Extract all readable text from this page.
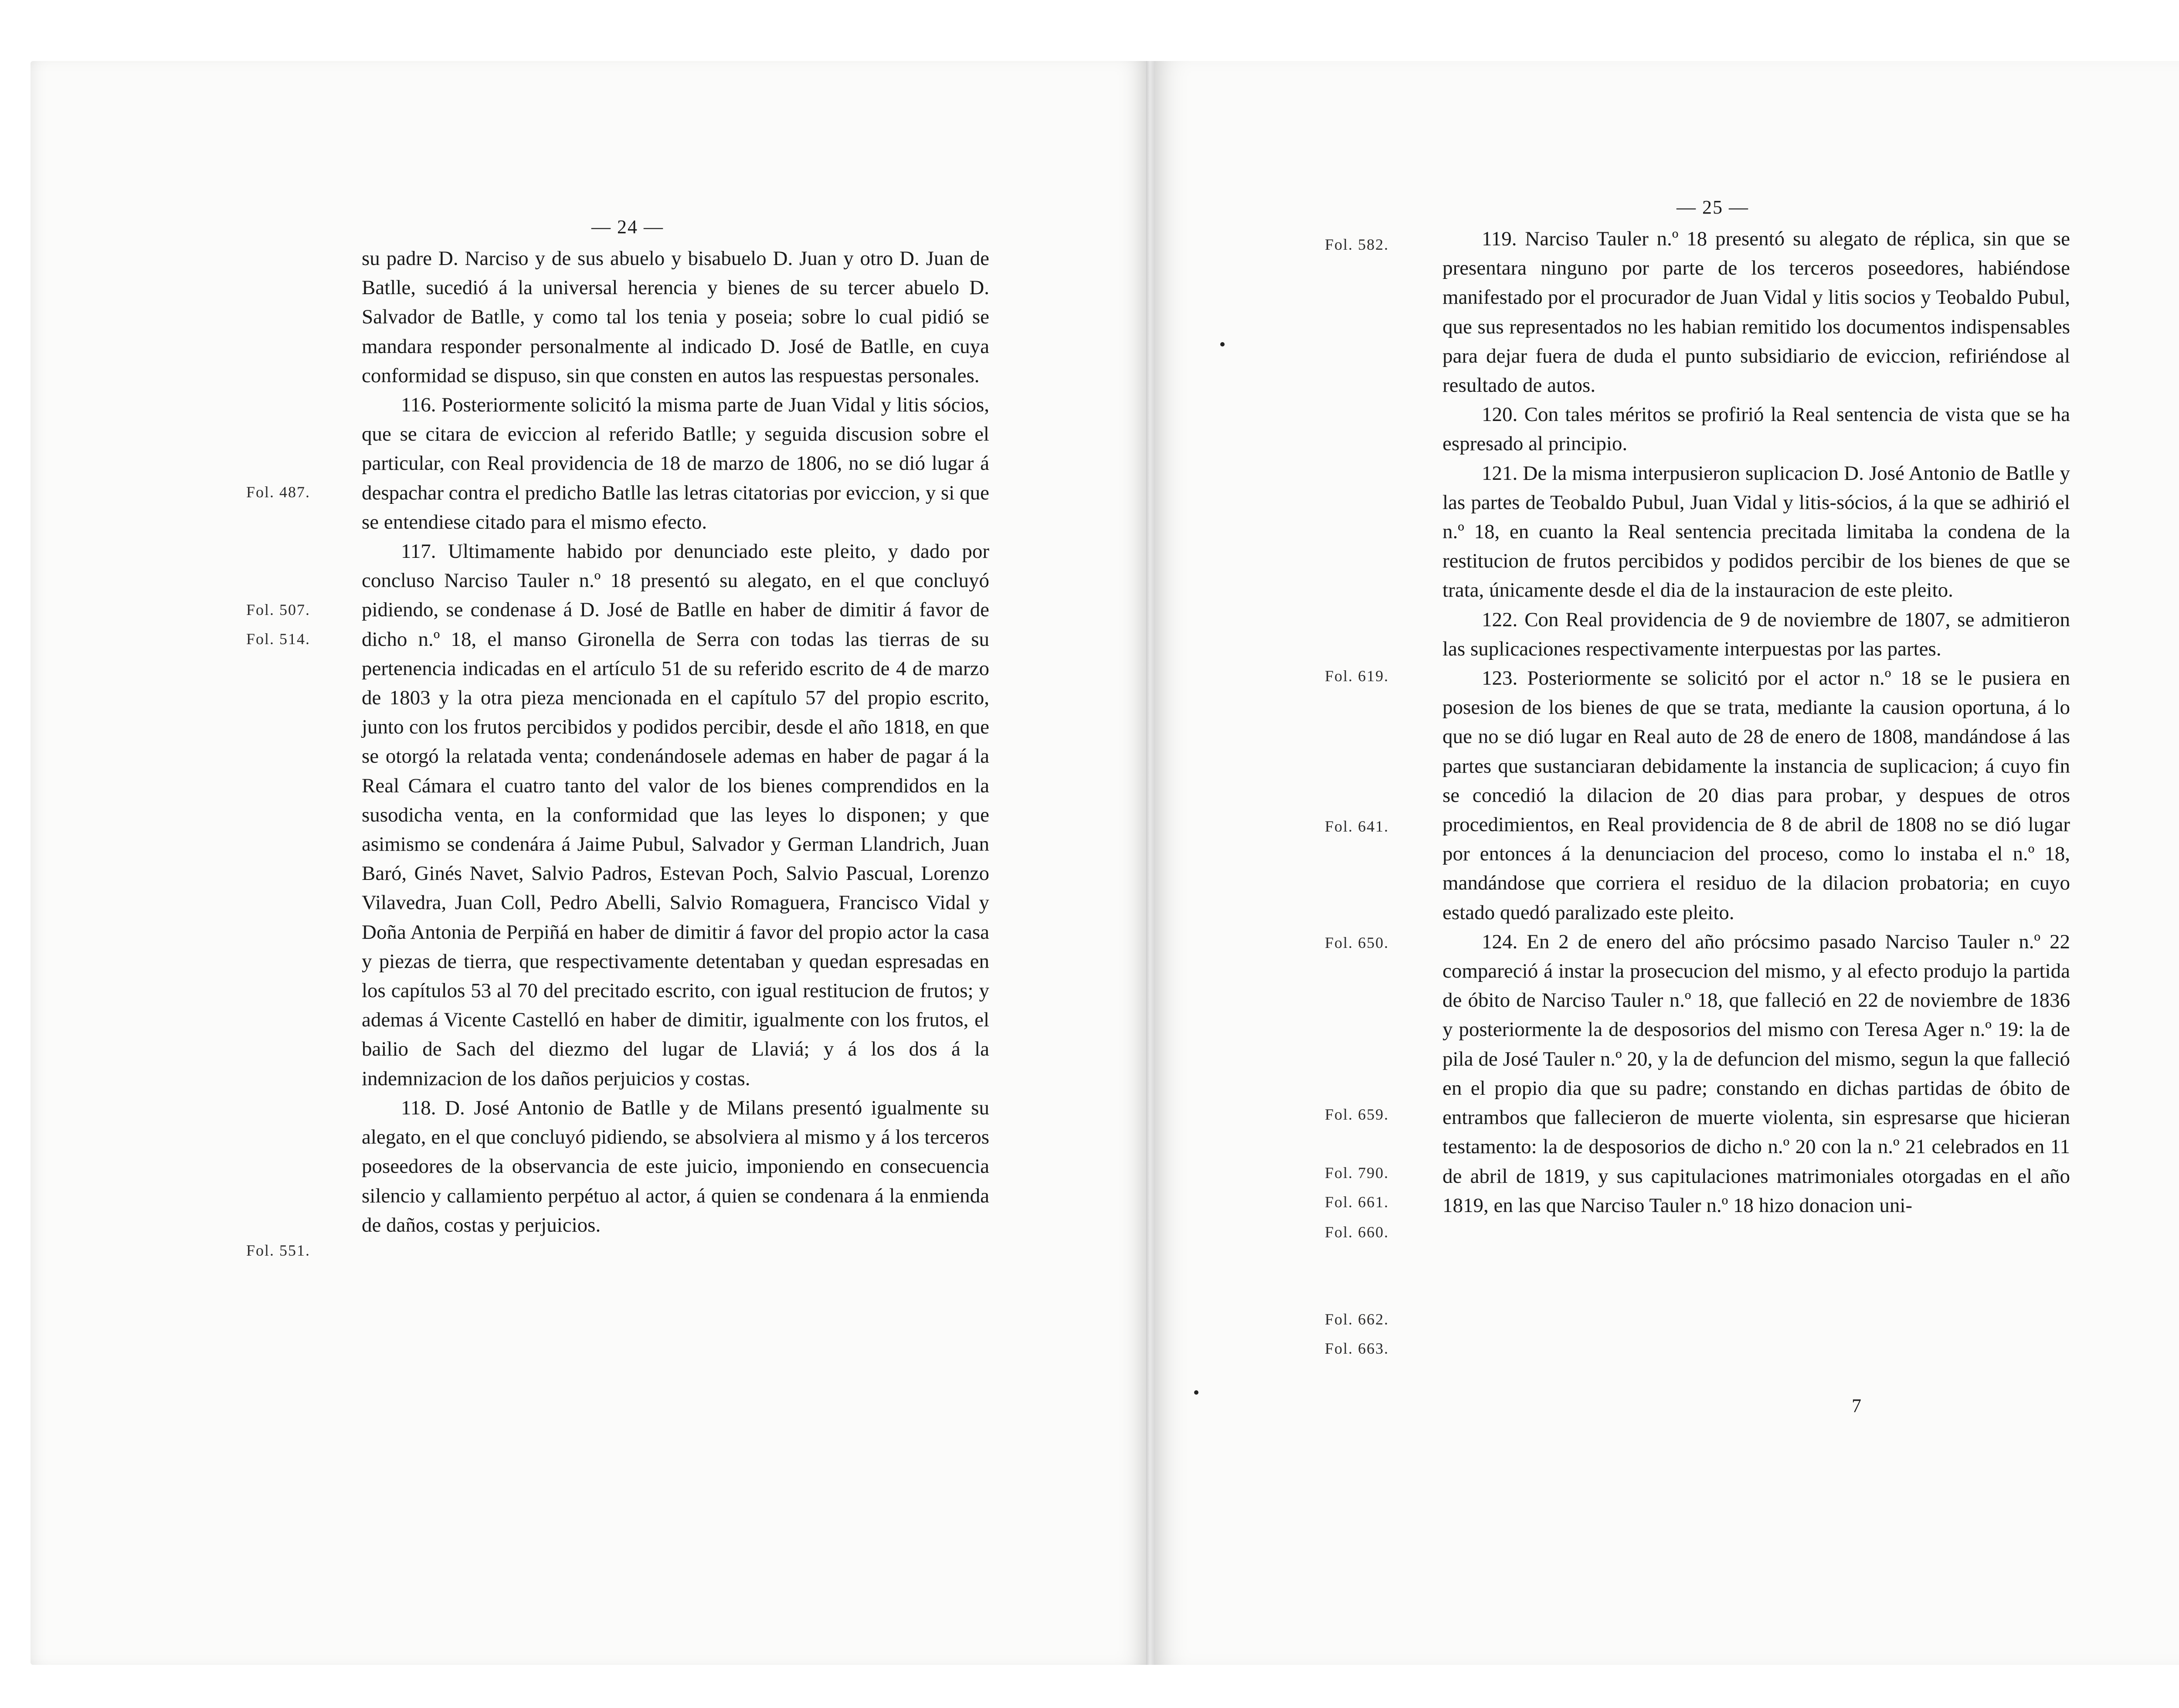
— 24 —
Fol. 487.
Fol. 507.
Fol. 514.
Fol. 551.

su padre D. Narciso y de sus abuelo y bisabuelo D. Juan y otro D. Juan de Batlle, sucedió á la universal herencia y bienes de su tercer abuelo D. Salvador de Batlle, y como tal los tenia y poseia; sobre lo cual pidió se mandara responder personalmente al indicado D. José de Batlle, en cuya conformidad se dispuso, sin que consten en autos las respuestas personales.

116. Posteriormente solicitó la misma parte de Juan Vidal y litis sócios, que se citara de eviccion al referido Batlle; y seguida discusion sobre el particular, con Real providencia de 18 de marzo de 1806, no se dió lugar á despachar contra el predicho Batlle las letras citatorias por eviccion, y si que se entendiese citado para el mismo efecto.

117. Ultimamente habido por denunciado este pleito, y dado por concluso Narciso Tauler n.º 18 presentó su alegato, en el que concluyó pidiendo, se condenase á D. José de Batlle en haber de dimitir á favor de dicho n.º 18, el manso Gironella de Serra con todas las tierras de su pertenencia indicadas en el artículo 51 de su referido escrito de 4 de marzo de 1803 y la otra pieza mencionada en el capítulo 57 del propio escrito, junto con los frutos percibidos y podidos percibir, desde el año 1818, en que se otorgó la relatada venta; condenándosele ademas en haber de pagar á la Real Cámara el cuatro tanto del valor de los bienes comprendidos en la susodicha venta, en la conformidad que las leyes lo disponen; y que asimismo se condenára á Jaime Pubul, Salvador y German Llandrich, Juan Baró, Ginés Navet, Salvio Padros, Estevan Poch, Salvio Pascual, Lorenzo Vilavedra, Juan Coll, Pedro Abelli, Salvio Romaguera, Francisco Vidal y Doña Antonia de Perpiñá en haber de dimitir á favor del propio actor la casa y piezas de tierra, que respectivamente detentaban y quedan espresadas en los capítulos 53 al 70 del precitado escrito, con igual restitucion de frutos; y ademas á Vicente Castelló en haber de dimitir, igualmente con los frutos, el bailio de Sach del diezmo del lugar de Llaviá; y á los dos á la indemnizacion de los daños perjuicios y costas.

118. D. José Antonio de Batlle y de Milans presentó igualmente su alegato, en el que concluyó pidiendo, se absolviera al mismo y á los terceros poseedores de la observancia de este juicio, imponiendo en consecuencia silencio y callamiento perpétuo al actor, á quien se condenara á la enmienda de daños, costas y perjuicios.

— 25 —
Fol. 582.
Fol. 619.
Fol. 641.
Fol. 650.
Fol. 659.
Fol. 790.
Fol. 661.
Fol. 660.
Fol. 662.
Fol. 663.

119. Narciso Tauler n.º 18 presentó su alegato de réplica, sin que se presentara ninguno por parte de los terceros poseedores, habiéndose manifestado por el procurador de Juan Vidal y litis socios y Teobaldo Pubul, que sus representados no les habian remitido los documentos indispensables para dejar fuera de duda el punto subsidiario de eviccion, refiriéndose al resultado de autos.

120. Con tales méritos se profirió la Real sentencia de vista que se ha espresado al principio.

121. De la misma interpusieron suplicacion D. José Antonio de Batlle y las partes de Teobaldo Pubul, Juan Vidal y litis-sócios, á la que se adhirió el n.º 18, en cuanto la Real sentencia precitada limitaba la condena de la restitucion de frutos percibidos y podidos percibir de los bienes de que se trata, únicamente desde el dia de la instauracion de este pleito.

122. Con Real providencia de 9 de noviembre de 1807, se admitieron las suplicaciones respectivamente interpuestas por las partes.

123. Posteriormente se solicitó por el actor n.º 18 se le pusiera en posesion de los bienes de que se trata, mediante la causion oportuna, á lo que no se dió lugar en Real auto de 28 de enero de 1808, mandándose á las partes que sustanciaran debidamente la instancia de suplicacion; á cuyo fin se concedió la dilacion de 20 dias para probar, y despues de otros procedimientos, en Real providencia de 8 de abril de 1808 no se dió lugar por entonces á la denunciacion del proceso, como lo instaba el n.º 18, mandándose que corriera el residuo de la dilacion probatoria; en cuyo estado quedó paralizado este pleito.

124. En 2 de enero del año prócsimo pasado Narciso Tauler n.º 22 compareció á instar la prosecucion del mismo, y al efecto produjo la partida de óbito de Narciso Tauler n.º 18, que falleció en 22 de noviembre de 1836 y posteriormente la de desposorios del mismo con Teresa Ager n.º 19: la de pila de José Tauler n.º 20, y la de defuncion del mismo, segun la que falleció en el propio dia que su padre; constando en dichas partidas de óbito de entrambos que fallecieron de muerte violenta, sin espresarse que hicieran testamento: la de desposorios de dicho n.º 20 con la n.º 21 celebrados en 11 de abril de 1819, y sus capitulaciones matrimoniales otorgadas en el año 1819, en las que Narciso Tauler n.º 18 hizo donacion uni-

7
